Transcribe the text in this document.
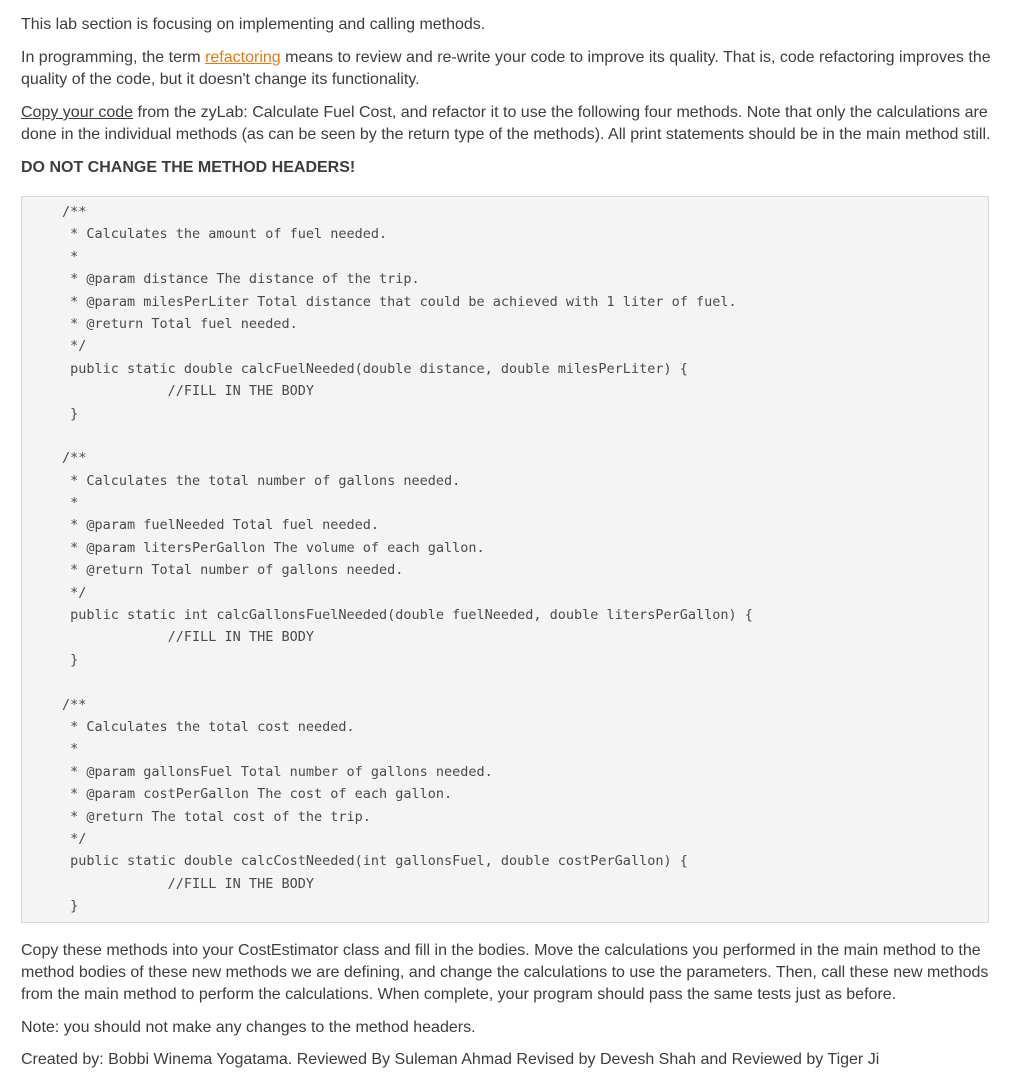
This lab section is focusing on implementing and calling methods.

In programming, the term refactoring means to review and re-write your code to improve its quality. That is, code refactoring improves the quality of the code, but it doesn't change its functionality.

Copy your code from the zyLab: Calculate Fuel Cost, and refactor it to use the following four methods. Note that only the calculations are done in the individual methods (as can be seen by the return type of the methods). All print statements should be in the main method still.

DO NOT CHANGE THE METHOD HEADERS!

/**
* Calculates the amount of fuel needed.
*
* @param distance The distance of the trip.
* @param milesPerLiter Total distance that could be achieved with 1 liter of fuel.
* @return Total fuel needed.
*/
public static double calcFuelNeeded(double distance, double milesPerLiter) {
//FILL IN THE BODY
}
/**
* Calculates the total number of gallons needed.
*
* @param fuelNeeded Total fuel needed.
* @param litersPerGallon The volume of each gallon.
* @return Total number of gallons needed.
*/
public static int calcGallonsFuelNeeded(double fuelNeeded, double litersPerGallon) {
//FILL IN THE BODY
}
/**
* Calculates the total cost needed.
*
* @param gallonsFuel Total number of gallons needed.
* @param costPerGallon The cost of each gallon.
* @return The total cost of the trip.
*/
public static double calcCostNeeded(int gallonsFuel, double costPerGallon) {
//FILL IN THE BODY
}

Copy these methods into your CostEstimator class and fill in the bodies. Move the calculations you performed in the main method to the method bodies of these new methods we are defining, and change the calculations to use the parameters. Then, call these new methods from the main method to perform the calculations. When complete, your program should pass the same tests just as before.

Note: you should not make any changes to the method headers.

Created by: Bobbi Winema Yogatama. Reviewed By Suleman Ahmad Revised by Devesh Shah and Reviewed by Tiger Ji
